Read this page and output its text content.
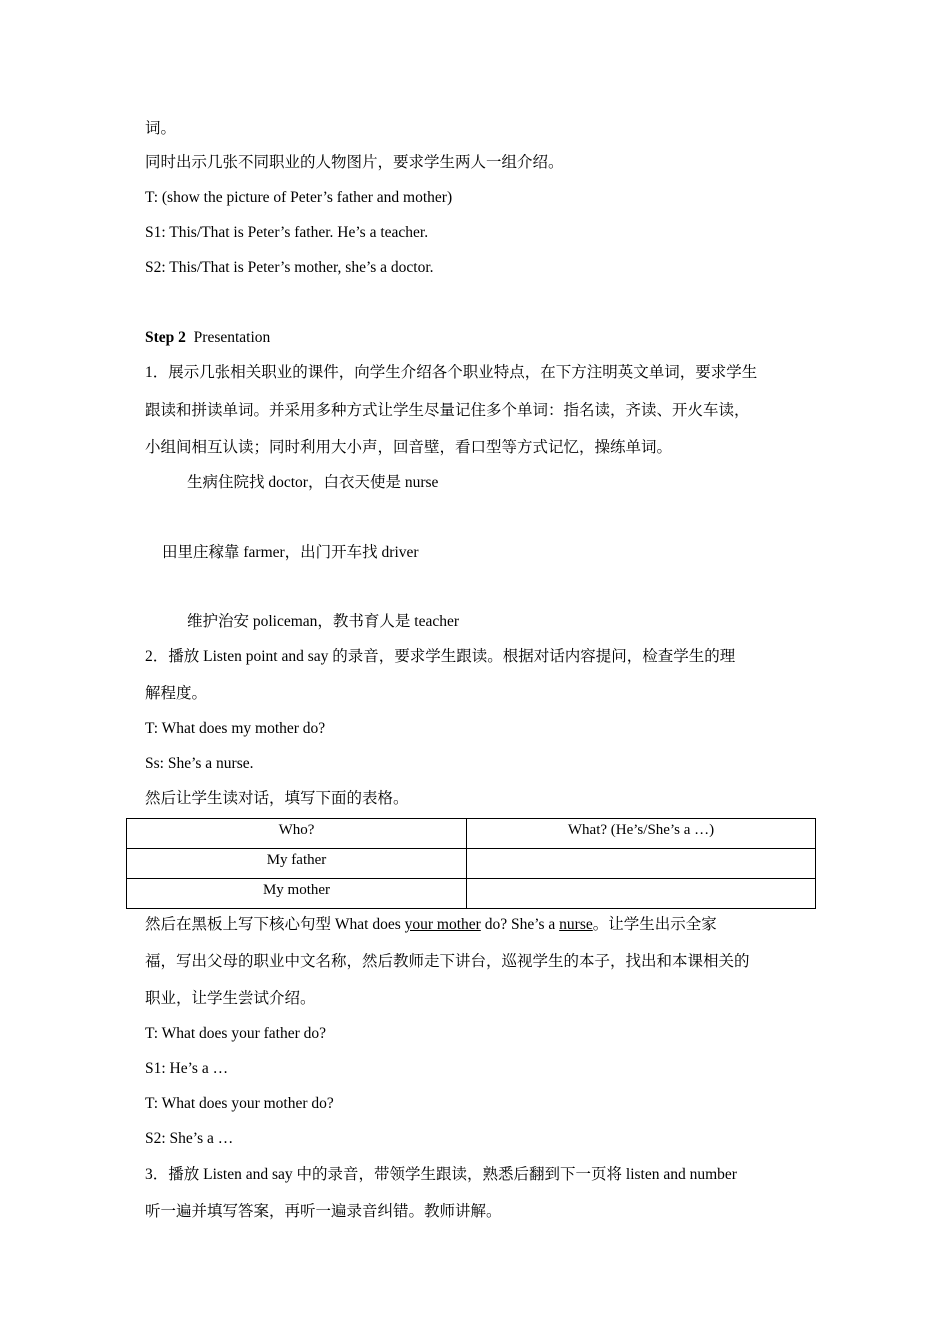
词。
同时出示几张不同职业的人物图片，要求学生两人一组介绍。
T: (show the picture of Peter’s father and mother)
S1: This/That is Peter’s father. He’s a teacher.
S2: This/That is Peter’s mother, she’s a doctor.
Step 2 Presentation
1．展示几张相关职业的课件，向学生介绍各个职业特点，在下方注明英文单词，要求学生
跟读和拼读单词。并采用多种方式让学生尽量记住多个单词：指名读，齐读、开火车读，
小组间相互认读；同时利用大小声，回音壁，看口型等方式记忆，操练单词。
生病住院找 doctor，白衣天使是 nurse
田里庄稼靠 farmer，出门开车找 driver
维护治安 policeman，教书育人是 teacher
2．播放 Listen point and say 的录音，要求学生跟读。根据对话内容提问，检查学生的理
解程度。
T: What does my mother do?
Ss: She’s a nurse.
然后让学生读对话，填写下面的表格。
Who?	What? (He’s/She’s a …)
My father	
My mother	
然后在黑板上写下核心句型 What does your mother do? She’s a nurse。让学生出示全家
福，写出父母的职业中文名称，然后教师走下讲台，巡视学生的本子，找出和本课相关的
职业，让学生尝试介绍。
T: What does your father do?
S1: He’s a …
T: What does your mother do?
S2: She’s a …
3．播放 Listen and say 中的录音，带领学生跟读，熟悉后翻到下一页将 listen and number
听一遍并填写答案，再听一遍录音纠错。教师讲解。
